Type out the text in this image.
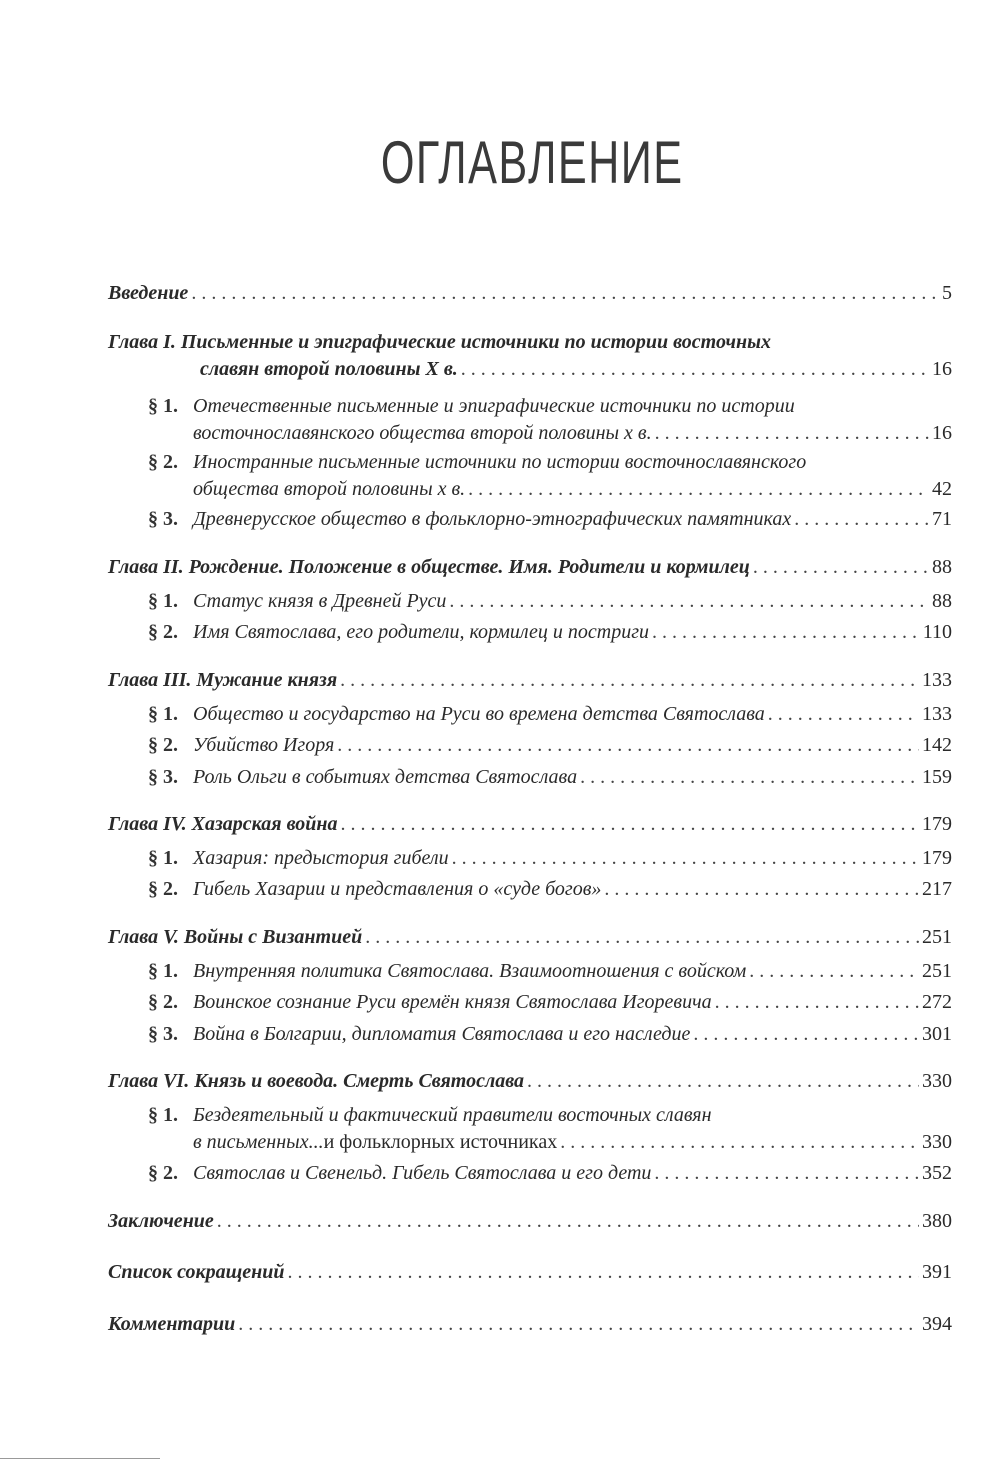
ОГЛАВЛЕНИЕ
Введение . . .	5
Глава I. Письменные и эпиграфические источники по истории восточных
славян второй половины X в. . . .	16
§ 1. Отечественные письменные и эпиграфические источники по истории
восточнославянского общества второй половины x в. . . .	16
§ 2. Иностранные письменные источники по истории восточнославянского
общества второй половины x в. . . .	42
§ 3. Древнерусское общество в фольклорно-этнографических памятниках . . .	71
Глава II. Рождение. Положение в обществе. Имя. Родители и кормилец . . .	88
§ 1. Статус князя в Древней Руси . . .	88
§ 2. Имя Святослава, его родители, кормилец и постриги . . .	110
Глава III. Мужание князя . . .	133
§ 1. Общество и государство на Руси во времена детства Святослава . . .	133
§ 2. Убийство Игоря . . .	142
§ 3. Роль Ольги в событиях детства Святослава . . .	159
Глава IV. Хазарская война . . .	179
§ 1. Хазария: предыстория гибели . . .	179
§ 2. Гибель Хазарии и представления о «суде богов» . . .	217
Глава V. Войны с Византией . . .	251
§ 1. Внутренняя политика Святослава. Взаимоотношения с войском . . .	251
§ 2. Воинское сознание Руси времён князя Святослава Игоревича . . .	272
§ 3. Война в Болгарии, дипломатия Святослава и его наследие . . .	301
Глава VI. Князь и воевода. Смерть Святослава . . .	330
§ 1. Бездеятельный и фактический правители восточных славян
в письменных... и фольклорных источниках . . .	330
§ 2. Святослав и Свенельд. Гибель Святослава и его дети . . .	352
Заключение . . .	380
Список сокращений . . .	391
Комментарии . . .	394
